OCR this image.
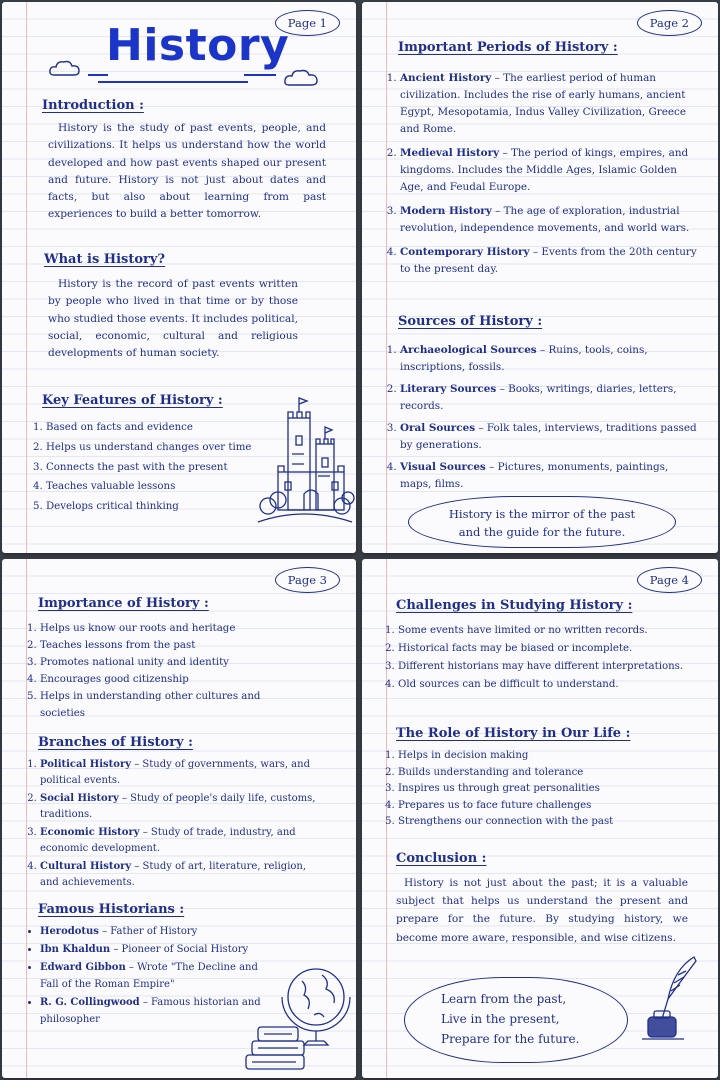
Page 1
History
Introduction :
History is the study of past events, people, and civilizations. It helps us understand how the world developed and how past events shaped our present and future. History is not just about dates and facts, but also about learning from past experiences to build a better tomorrow.
What is History?
History is the record of past events written by people who lived in that time or by those who studied those events. It includes political, social, economic, cultural and religious developments of human society.
Key Features of History :
1. Based on facts and evidence
2. Helps us understand changes over time
3. Connects the past with the present
4. Teaches valuable lessons
5. Develops critical thinking
Page 2
Important Periods of History :
1. Ancient History – The earliest period of human civilization. Includes the rise of early humans, ancient Egypt, Mesopotamia, Indus Valley Civilization, Greece and Rome.
2. Medieval History – The period of kings, empires, and kingdoms. Includes the Middle Ages, Islamic Golden Age, and Feudal Europe.
3. Modern History – The age of exploration, industrial revolution, independence movements, and world wars.
4. Contemporary History – Events from the 20th century to the present day.
Sources of History :
1. Archaeological Sources – Ruins, tools, coins, inscriptions, fossils.
2. Literary Sources – Books, writings, diaries, letters, records.
3. Oral Sources – Folk tales, interviews, traditions passed by generations.
4. Visual Sources – Pictures, monuments, paintings, maps, films.
History is the mirror of the past
and the guide for the future.
Page 3
Importance of History :
1. Helps us know our roots and heritage
2. Teaches lessons from the past
3. Promotes national unity and identity
4. Encourages good citizenship
5. Helps in understanding other cultures and societies
Branches of History :
1. Political History – Study of governments, wars, and political events.
2. Social History – Study of people's daily life, customs, traditions.
3. Economic History – Study of trade, industry, and economic development.
4. Cultural History – Study of art, literature, religion, and achievements.
Famous Historians :
• Herodotus – Father of History
• Ibn Khaldun – Pioneer of Social History
• Edward Gibbon – Wrote "The Decline and Fall of the Roman Empire"
• R. G. Collingwood – Famous historian and philosopher
Page 4
Challenges in Studying History :
1. Some events have limited or no written records.
2. Historical facts may be biased or incomplete.
3. Different historians may have different interpretations.
4. Old sources can be difficult to understand.
The Role of History in Our Life :
1. Helps in decision making
2. Builds understanding and tolerance
3. Inspires us through great personalities
4. Prepares us to face future challenges
5. Strengthens our connection with the past
Conclusion :
History is not just about the past; it is a valuable subject that helps us understand the present and prepare for the future. By studying history, we become more aware, responsible, and wise citizens.
Learn from the past,
Live in the present,
Prepare for the future.
